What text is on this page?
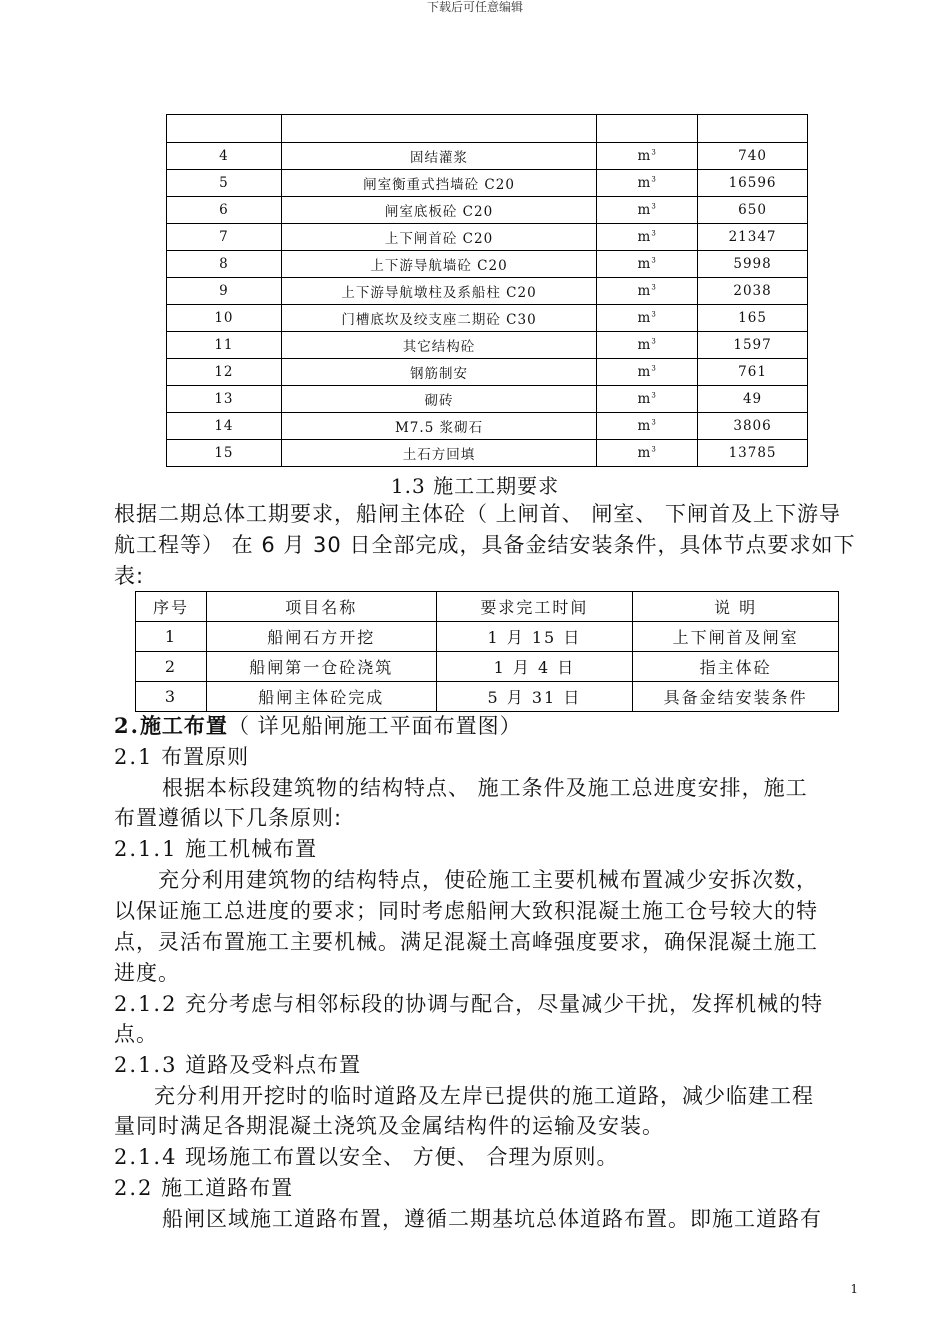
下载后可任意编辑

4	固结灌浆	$m^3$	740
5	闸室衡重式挡墙砼 C20	$m^3$	16596
6	闸室底板砼 C20	$m^3$	650
7	上下闸首砼 C20	$m^3$	21347
8	上下游导航墙砼 C20	$m^3$	5998
9	上下游导航墩柱及系船柱 C20	$m^3$	2038
10	门槽底坎及绞支座二期砼 C30	$m^3$	165
11	其它结构砼	$m^3$	1597
12	钢筋制安	$m^3$	761
13	砌砖	$m^3$	49
14	M7.5 浆砌石	$m^3$	3806
15	土石方回填	$m^3$	13785
1.3 施工工期要求
根据二期总体工期要求，船闸主体砼（ 上闸首、 闸室、 下闸首及上下游导航工程等） 在 6 月 30 日全部完成，具备金结安装条件，具体节点要求如下表:
序号	项目名称	要求完工时间	说 明
1	船闸石方开挖	1 月 15 日	上下闸首及闸室
2	船闸第一仓砼浇筑	1 月 4 日	指主体砼
3	船闸主体砼完成	5 月 31 日	具备金结安装条件
2.施工布置（ 详见船闸施工平面布置图）
2.1 布置原则
根据本标段建筑物的结构特点、 施工条件及施工总进度安排，施工
布置遵循以下几条原则:
2.1.1 施工机械布置
充分利用建筑物的结构特点，使砼施工主要机械布置减少安拆次数，
以保证施工总进度的要求；同时考虑船闸大致积混凝土施工仓号较大的特
点，灵活布置施工主要机械。满足混凝土高峰强度要求，确保混凝土施工
进度。
2.1.2 充分考虑与相邻标段的协调与配合，尽量减少干扰，发挥机械的特
点。
2.1.3 道路及受料点布置
充分利用开挖时的临时道路及左岸已提供的施工道路，减少临建工程
量同时满足各期混凝土浇筑及金属结构件的运输及安装。
2.1.4 现场施工布置以安全、 方便、 合理为原则。
2.2 施工道路布置
船闸区域施工道路布置，遵循二期基坑总体道路布置。即施工道路有
1
